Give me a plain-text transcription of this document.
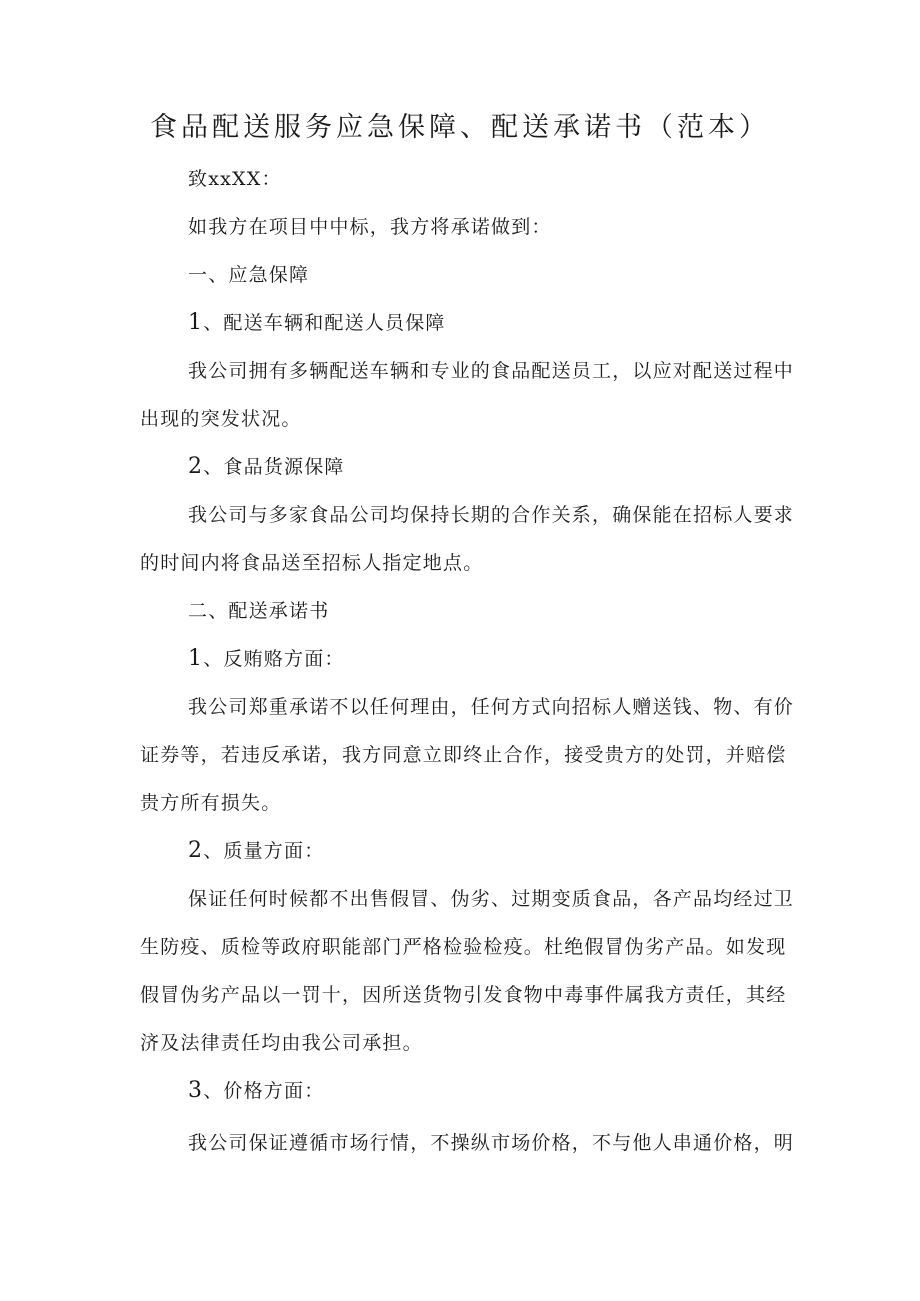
食品配送服务应急保障、配送承诺书（范本）
致xxXX：
如我方在项目中中标，我方将承诺做到：
一、应急保障
1、配送车辆和配送人员保障
我公司拥有多辆配送车辆和专业的食品配送员工，以应对配送过程中
出现的突发状况。
2、食品货源保障
我公司与多家食品公司均保持长期的合作关系，确保能在招标人要求
的时间内将食品送至招标人指定地点。
二、配送承诺书
1、反贿赂方面：
我公司郑重承诺不以任何理由，任何方式向招标人赠送钱、物、有价
证券等，若违反承诺，我方同意立即终止合作，接受贵方的处罚，并赔偿
贵方所有损失。
2、质量方面：
保证任何时候都不出售假冒、伪劣、过期变质食品，各产品均经过卫
生防疫、质检等政府职能部门严格检验检疫。杜绝假冒伪劣产品。如发现
假冒伪劣产品以一罚十，因所送货物引发食物中毒事件属我方责任，其经
济及法律责任均由我公司承担。
3、价格方面：
我公司保证遵循市场行情，不操纵市场价格，不与他人串通价格，明
